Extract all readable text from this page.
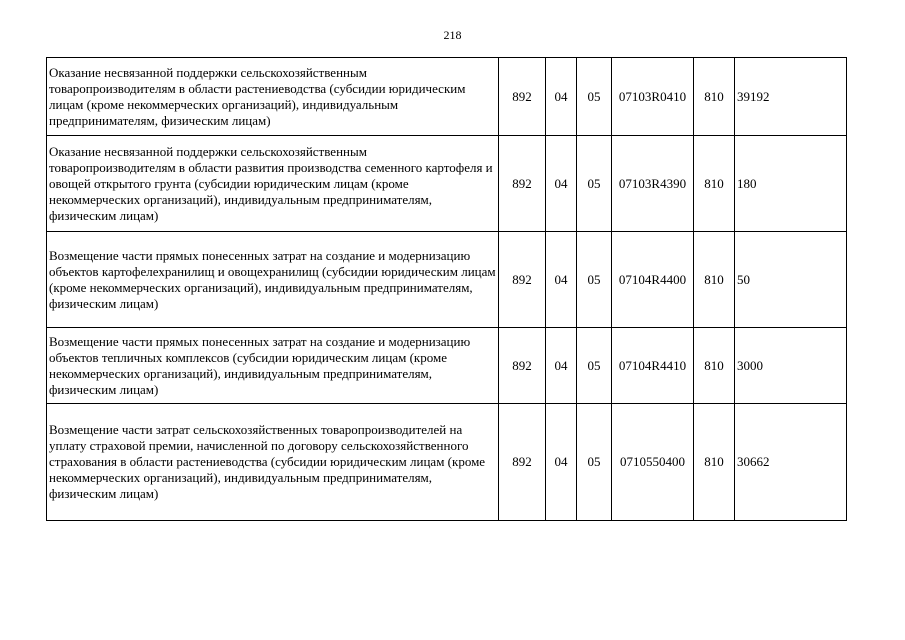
218
Оказание несвязанной поддержки сельскохозяйственным товаропроизводителям в области растениеводства (субсидии юридическим лицам (кроме некоммерческих организаций), индивидуальным предпринимателям, физическим лицам)	892	04	05	07103R0410	810	39192
Оказание несвязанной поддержки сельскохозяйственным товаропроизводителям в области развития производства семенного картофеля и овощей открытого грунта (субсидии юридическим лицам (кроме некоммерческих организаций), индивидуальным предпринимателям, физическим лицам)	892	04	05	07103R4390	810	180
Возмещение части прямых понесенных затрат на создание и модернизацию объектов картофелехранилищ и овощехранилищ (субсидии юридическим лицам (кроме некоммерческих организаций), индивидуальным предпринимателям, физическим лицам)	892	04	05	07104R4400	810	50
Возмещение части прямых понесенных затрат на создание и модернизацию объектов тепличных комплексов (субсидии юридическим лицам (кроме некоммерческих организаций), индивидуальным предпринимателям, физическим лицам)	892	04	05	07104R4410	810	3000
Возмещение части затрат сельскохозяйственных товаропроизводителей на уплату страховой премии, начисленной по договору сельскохозяйственного страхования в области растениеводства (субсидии юридическим лицам (кроме некоммерческих организаций), индивидуальным предпринимателям, физическим лицам)	892	04	05	0710550400	810	30662
